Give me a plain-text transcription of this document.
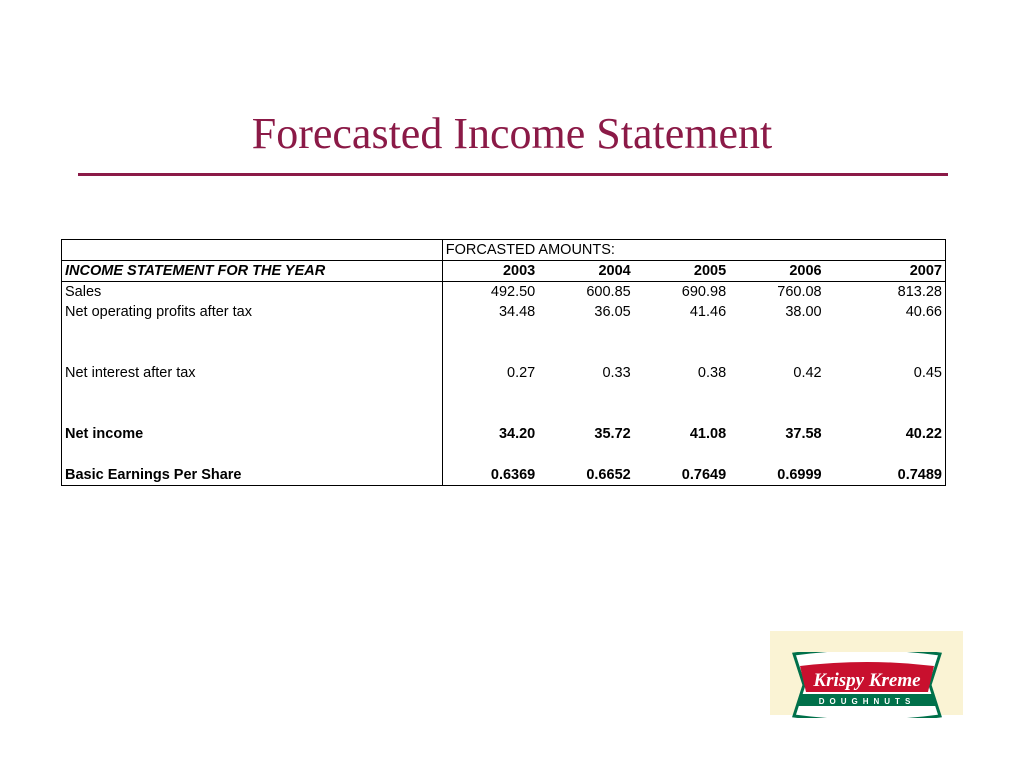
Forecasted Income Statement
	FORCASTED AMOUNTS:				
INCOME STATEMENT FOR THE YEAR	2003	2004	2005	2006	2007
Sales	492.50	600.85	690.98	760.08	813.28
Net operating profits after tax	34.48	36.05	41.46	38.00	40.66

Net interest after tax	0.27	0.33	0.38	0.42	0.45

Net income	34.20	35.72	41.08	37.58	40.22

Basic Earnings Per Share	0.6369	0.6652	0.7649	0.6999	0.7489
Krispy Kreme
DOUGHNUTS
